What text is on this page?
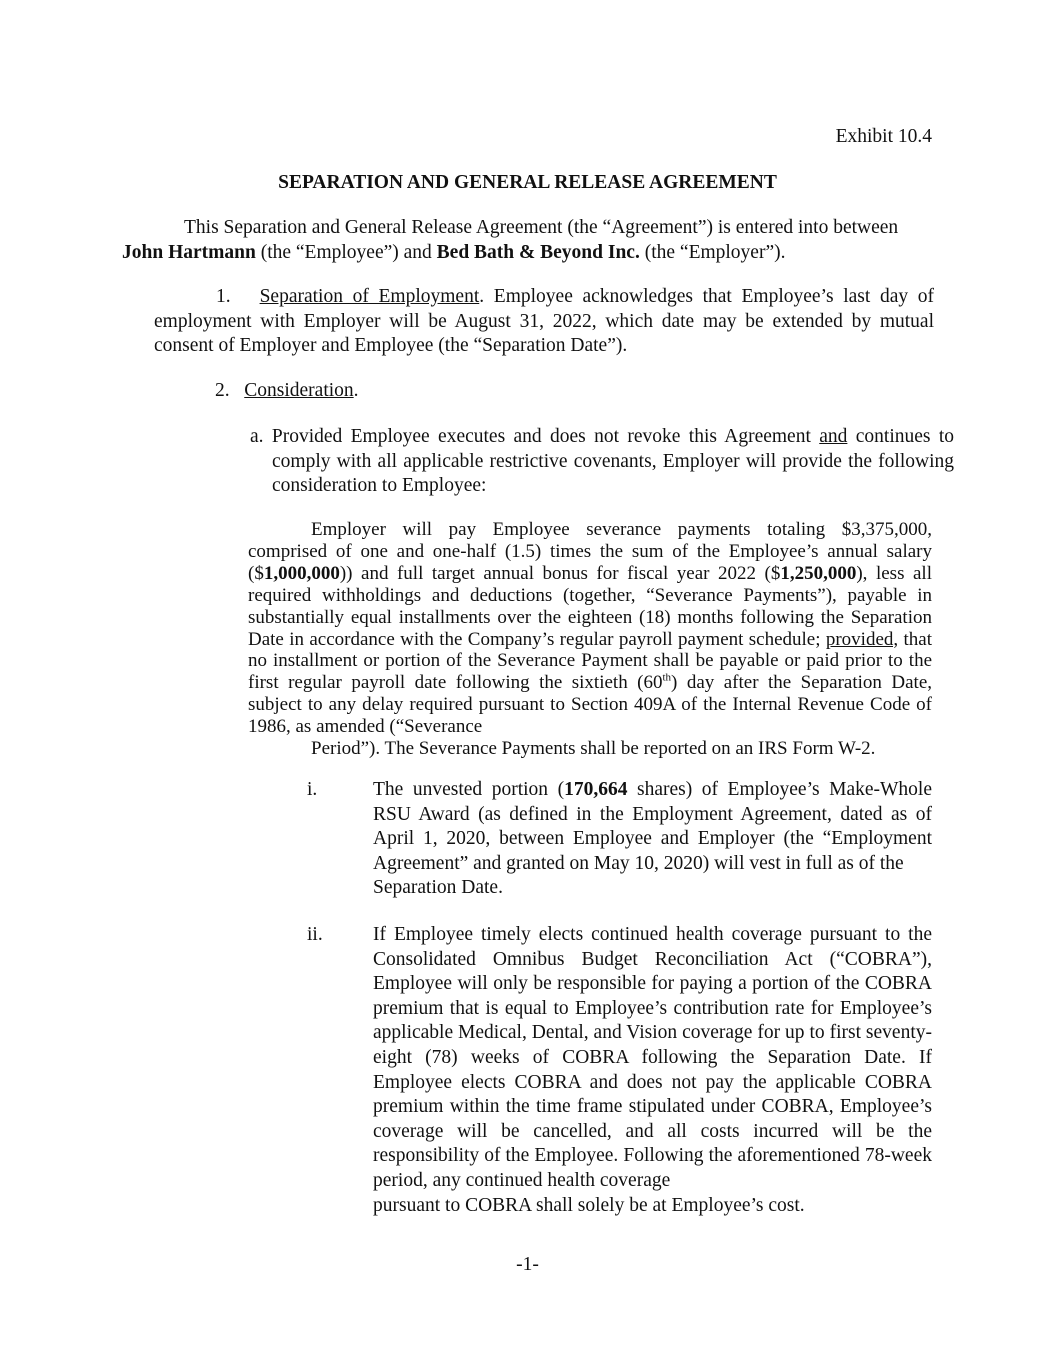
Exhibit 10.4

SEPARATION AND GENERAL RELEASE AGREEMENT

This Separation and General Release Agreement (the “Agreement”) is entered into between
John Hartmann (the “Employee”) and Bed Bath & Beyond Inc. (the “Employer”).

1. Separation of Employment. Employee acknowledges that Employee’s last day of employment with Employer will be August 31, 2022, which date may be extended by mutual consent of Employer and Employee (the “Separation Date”).

2. Consideration.

a. Provided Employee executes and does not revoke this Agreement and continues to comply with all applicable restrictive covenants, Employer will provide the following consideration to Employee:

Employer will pay Employee severance payments totaling $3,375,000, comprised of one and one-half (1.5) times the sum of the Employee’s annual salary ($1,000,000)) and full target annual bonus for fiscal year 2022 ($1,250,000), less all required withholdings and deductions (together, “Severance Payments”), payable in substantially equal installments over the eighteen (18) months following the Separation Date in accordance with the Company’s regular payroll payment schedule; provided, that no installment or portion of the Severance Payment shall be payable or paid prior to the first regular payroll date following the sixtieth (60th) day after the Separation Date, subject to any delay required pursuant to Section 409A of the Internal Revenue Code of 1986, as amended (“Severance
Period”). The Severance Payments shall be reported on an IRS Form W-2.

i.	The unvested portion (170,664 shares) of Employee’s Make-Whole RSU Award (as defined in the Employment Agreement, dated as of April 1, 2020, between Employee and Employer (the “Employment Agreement” and granted on May 10, 2020) will vest in full as of the
Separation Date.

ii.	If Employee timely elects continued health coverage pursuant to the Consolidated Omnibus Budget Reconciliation Act (“COBRA”), Employee will only be responsible for paying a portion of the COBRA premium that is equal to Employee’s contribution rate for Employee’s applicable Medical, Dental, and Vision coverage for up to first seventy-eight (78) weeks of COBRA following the Separation Date. If Employee elects COBRA and does not pay the applicable COBRA premium within the time frame stipulated under COBRA, Employee’s coverage will be cancelled, and all costs incurred will be the responsibility of the Employee. Following the aforementioned 78-week period, any continued health coverage
pursuant to COBRA shall solely be at Employee’s cost.

-1-
